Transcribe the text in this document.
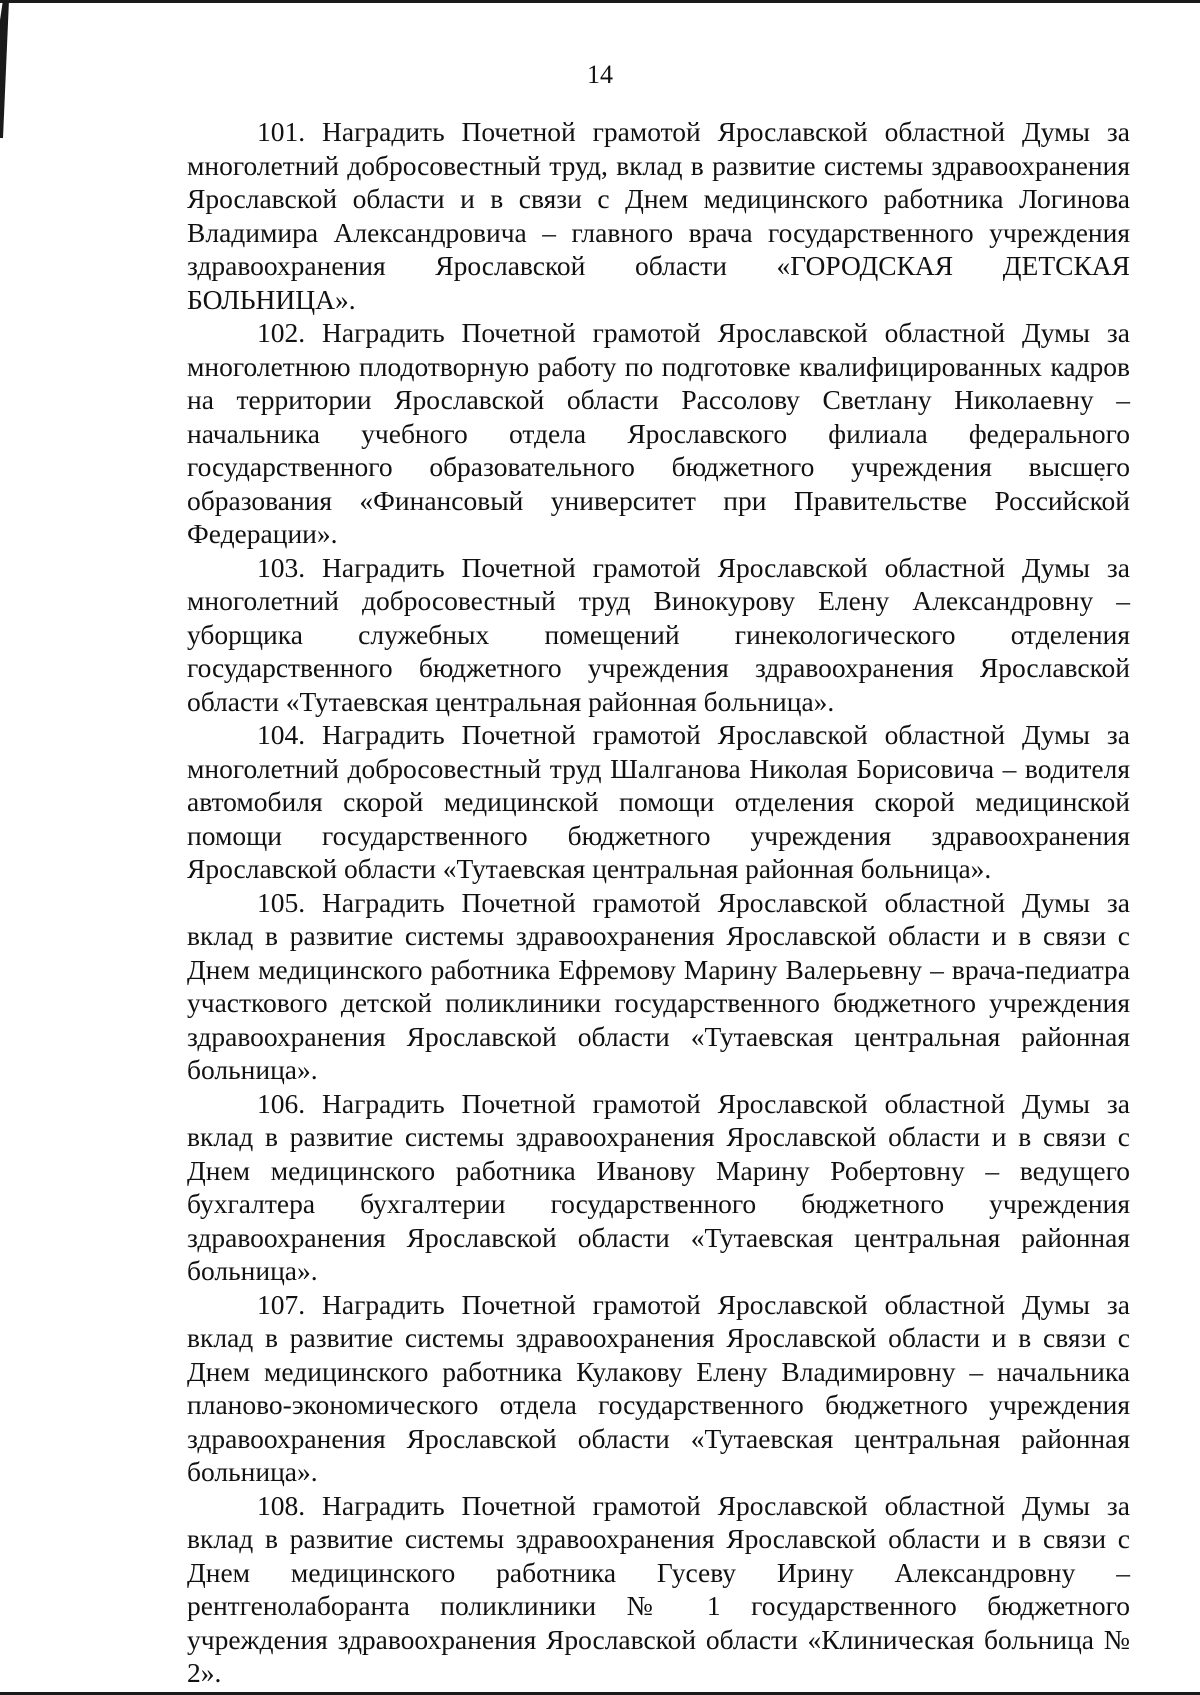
14

101. Наградить Почетной грамотой Ярославской областной Думы за многолетний добросовестный труд, вклад в развитие системы здравоохранения Ярославской области и в связи с Днем медицинского работника Логинова Владимира Александровича – главного врача государственного учреждения здравоохранения Ярославской области «ГОРОДСКАЯ ДЕТСКАЯ БОЛЬНИЦА».

102. Наградить Почетной грамотой Ярославской областной Думы за многолетнюю плодотворную работу по подготовке квалифицированных кадров на территории Ярославской области Рассолову Светлану Николаевну – начальника учебного отдела Ярославского филиала федерального государственного образовательного бюджетного учреждения высшего образования «Финансовый университет при Правительстве Российской Федерации».

103. Наградить Почетной грамотой Ярославской областной Думы за многолетний добросовестный труд Винокурову Елену Александровну – уборщика служебных помещений гинекологического отделения государственного бюджетного учреждения здравоохранения Ярославской области «Тутаевская центральная районная больница».

104. Наградить Почетной грамотой Ярославской областной Думы за многолетний добросовестный труд Шалганова Николая Борисовича – водителя автомобиля скорой медицинской помощи отделения скорой медицинской помощи государственного бюджетного учреждения здравоохранения Ярославской области «Тутаевская центральная районная больница».

105. Наградить Почетной грамотой Ярославской областной Думы за вклад в развитие системы здравоохранения Ярославской области и в связи с Днем медицинского работника Ефремову Марину Валерьевну – врача-педиатра участкового детской поликлиники государственного бюджетного учреждения здравоохранения Ярославской области «Тутаевская центральная районная больница».

106. Наградить Почетной грамотой Ярославской областной Думы за вклад в развитие системы здравоохранения Ярославской области и в связи с Днем медицинского работника Иванову Марину Робертовну – ведущего бухгалтера бухгалтерии государственного бюджетного учреждения здравоохранения Ярославской области «Тутаевская центральная районная больница».

107. Наградить Почетной грамотой Ярославской областной Думы за вклад в развитие системы здравоохранения Ярославской области и в связи с Днем медицинского работника Кулакову Елену Владимировну – начальника планово-экономического отдела государственного бюджетного учреждения здравоохранения Ярославской области «Тутаевская центральная районная больница».

108. Наградить Почетной грамотой Ярославской областной Думы за вклад в развитие системы здравоохранения Ярославской области и в связи с Днем медицинского работника Гусеву Ирину Александровну – рентгенолаборанта поликлиники № 1 государственного бюджетного учреждения здравоохранения Ярославской области «Клиническая больница № 2».
